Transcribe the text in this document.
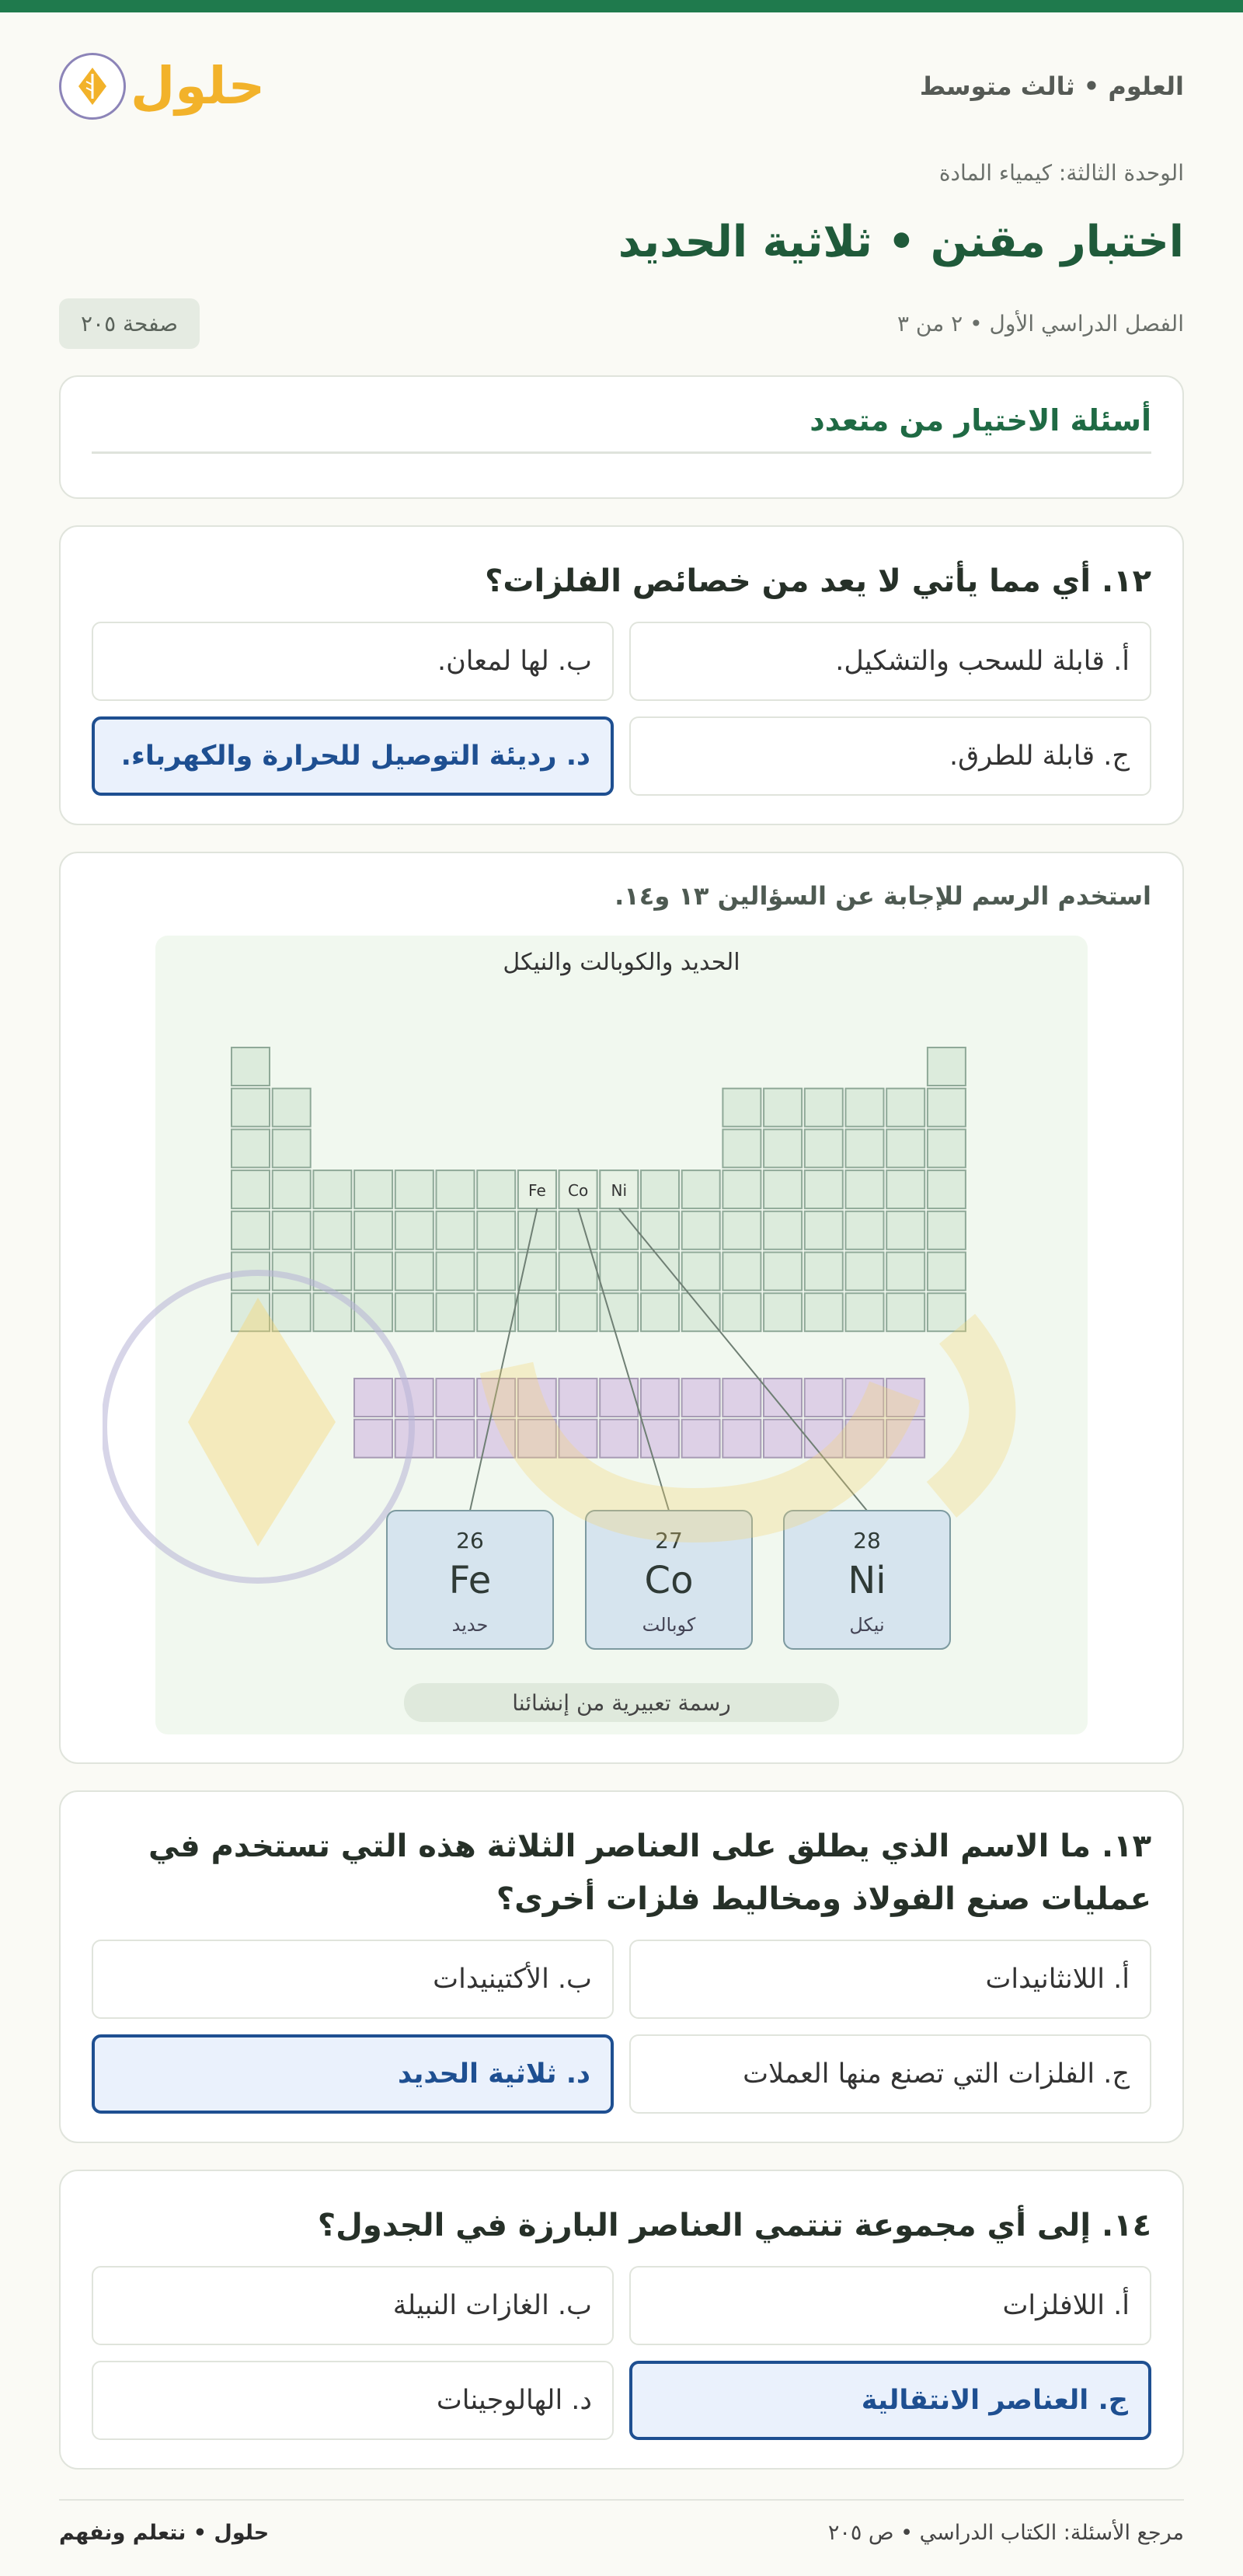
العلوم • ثالث متوسط
حلول
الوحدة الثالثة: كيمياء المادة
اختبار مقنن • ثلاثية الحديد
الفصل الدراسي الأول • ٢ من ٣
صفحة ٢٠٥
أسئلة الاختيار من متعدد
١٢. أي مما يأتي لا يعد من خصائص الفلزات؟
أ. قابلة للسحب والتشكيل.
ب. لها لمعان.
ج. قابلة للطرق.
د. رديئة التوصيل للحرارة والكهرباء.
استخدم الرسم للإجابة عن السؤالين ١٣ و١٤.
الحديد والكوبالت والنيكل
Fe Co Ni
26
Fe
حديد
27
Co
كوبالت
28
Ni
نيكل
رسمة تعبيرية من إنشائنا
١٣. ما الاسم الذي يطلق على العناصر الثلاثة هذه التي تستخدم في عمليات صنع الفولاذ ومخاليط فلزات أخرى؟
أ. اللانثانيدات
ب. الأكتينيدات
ج. الفلزات التي تصنع منها العملات
د. ثلاثية الحديد
١٤. إلى أي مجموعة تنتمي العناصر البارزة في الجدول؟
أ. اللافلزات
ب. الغازات النبيلة
ج. العناصر الانتقالية
د. الهالوجينات
مرجع الأسئلة: الكتاب الدراسي • ص ٢٠٥
حلول • نتعلم ونفهم
